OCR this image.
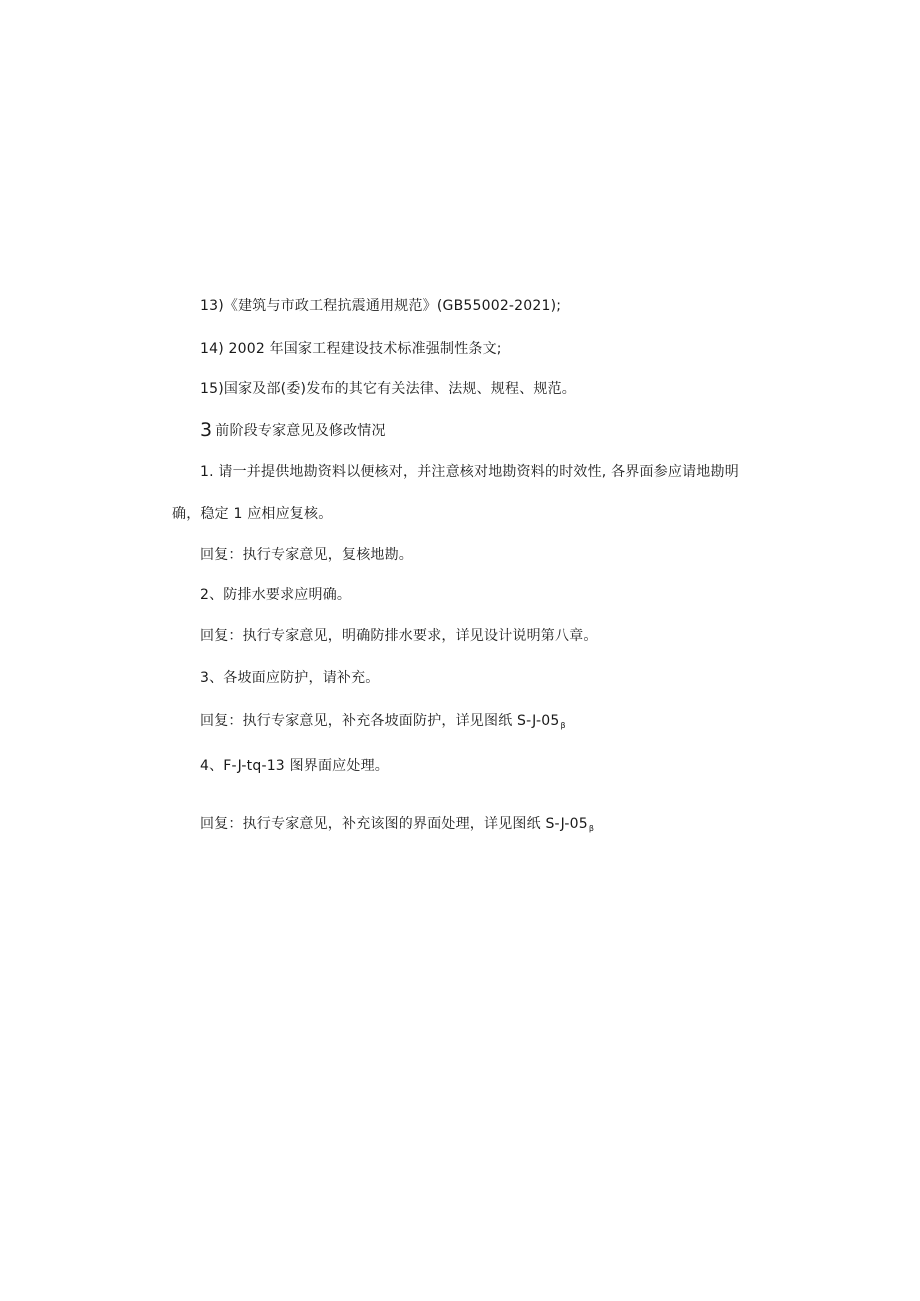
13)《建筑与市政工程抗震通用规范》(GB55002-2021);
14) 2002 年国家工程建设技术标准强制性条文;
15)国家及部(委)发布的其它有关法律、法规、规程、规范。
3 前阶段专家意见及修改情况
1. 请一并提供地勘资料以便核对，并注意核对地勘资料的时效性, 各界面参应请地勘明
确，稳定 1 应相应复核。
回复：执行专家意见，复核地勘。
2、防排水要求应明确。
回复：执行专家意见，明确防排水要求，详见设计说明第八章。
3、各坡面应防护，请补充。
回复：执行专家意见，补充各坡面防护，详见图纸 $S-J-05_\beta$
4、F-J-tq-13 图界面应处理。
回复：执行专家意见，补充该图的界面处理，详见图纸 $S-J-05_\beta$
